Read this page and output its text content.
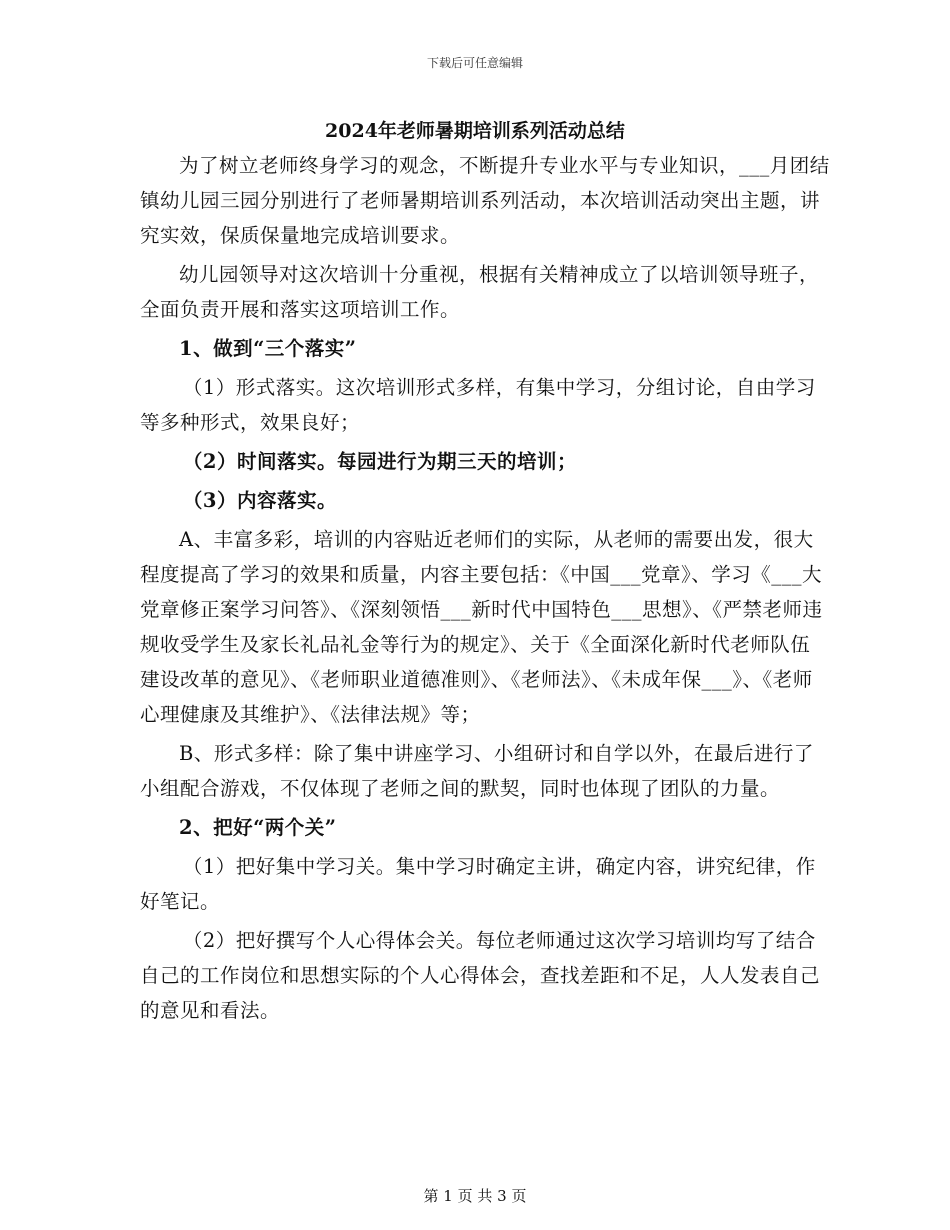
下载后可任意编辑
2024年老师暑期培训系列活动总结

为了树立老师终身学习的观念，不断提升专业水平与专业知识，___月团结镇幼儿园三园分别进行了老师暑期培训系列活动，本次培训活动突出主题，讲究实效，保质保量地完成培训要求。

幼儿园领导对这次培训十分重视，根据有关精神成立了以培训领导班子，全面负责开展和落实这项培训工作。

1、做到“三个落实”

（1）形式落实。这次培训形式多样，有集中学习，分组讨论，自由学习等多种形式，效果良好；

（2）时间落实。每园进行为期三天的培训；

（3）内容落实。

A、丰富多彩，培训的内容贴近老师们的实际，从老师的需要出发，很大程度提高了学习的效果和质量，内容主要包括：《中国___党章》、学习《___大党章修正案学习问答》、《深刻领悟___新时代中国特色___思想》、《严禁老师违规收受学生及家长礼品礼金等行为的规定》、关于《全面深化新时代老师队伍建设改革的意见》、《老师职业道德准则》、《老师法》、《未成年保___》、《老师心理健康及其维护》、《法律法规》等；

B、形式多样：除了集中讲座学习、小组研讨和自学以外，在最后进行了小组配合游戏，不仅体现了老师之间的默契，同时也体现了团队的力量。

2、把好“两个关”

（1）把好集中学习关。集中学习时确定主讲，确定内容，讲究纪律，作好笔记。

（2）把好撰写个人心得体会关。每位老师通过这次学习培训均写了结合自己的工作岗位和思想实际的个人心得体会，查找差距和不足，人人发表自己的意见和看法。

第 1 页 共 3 页
